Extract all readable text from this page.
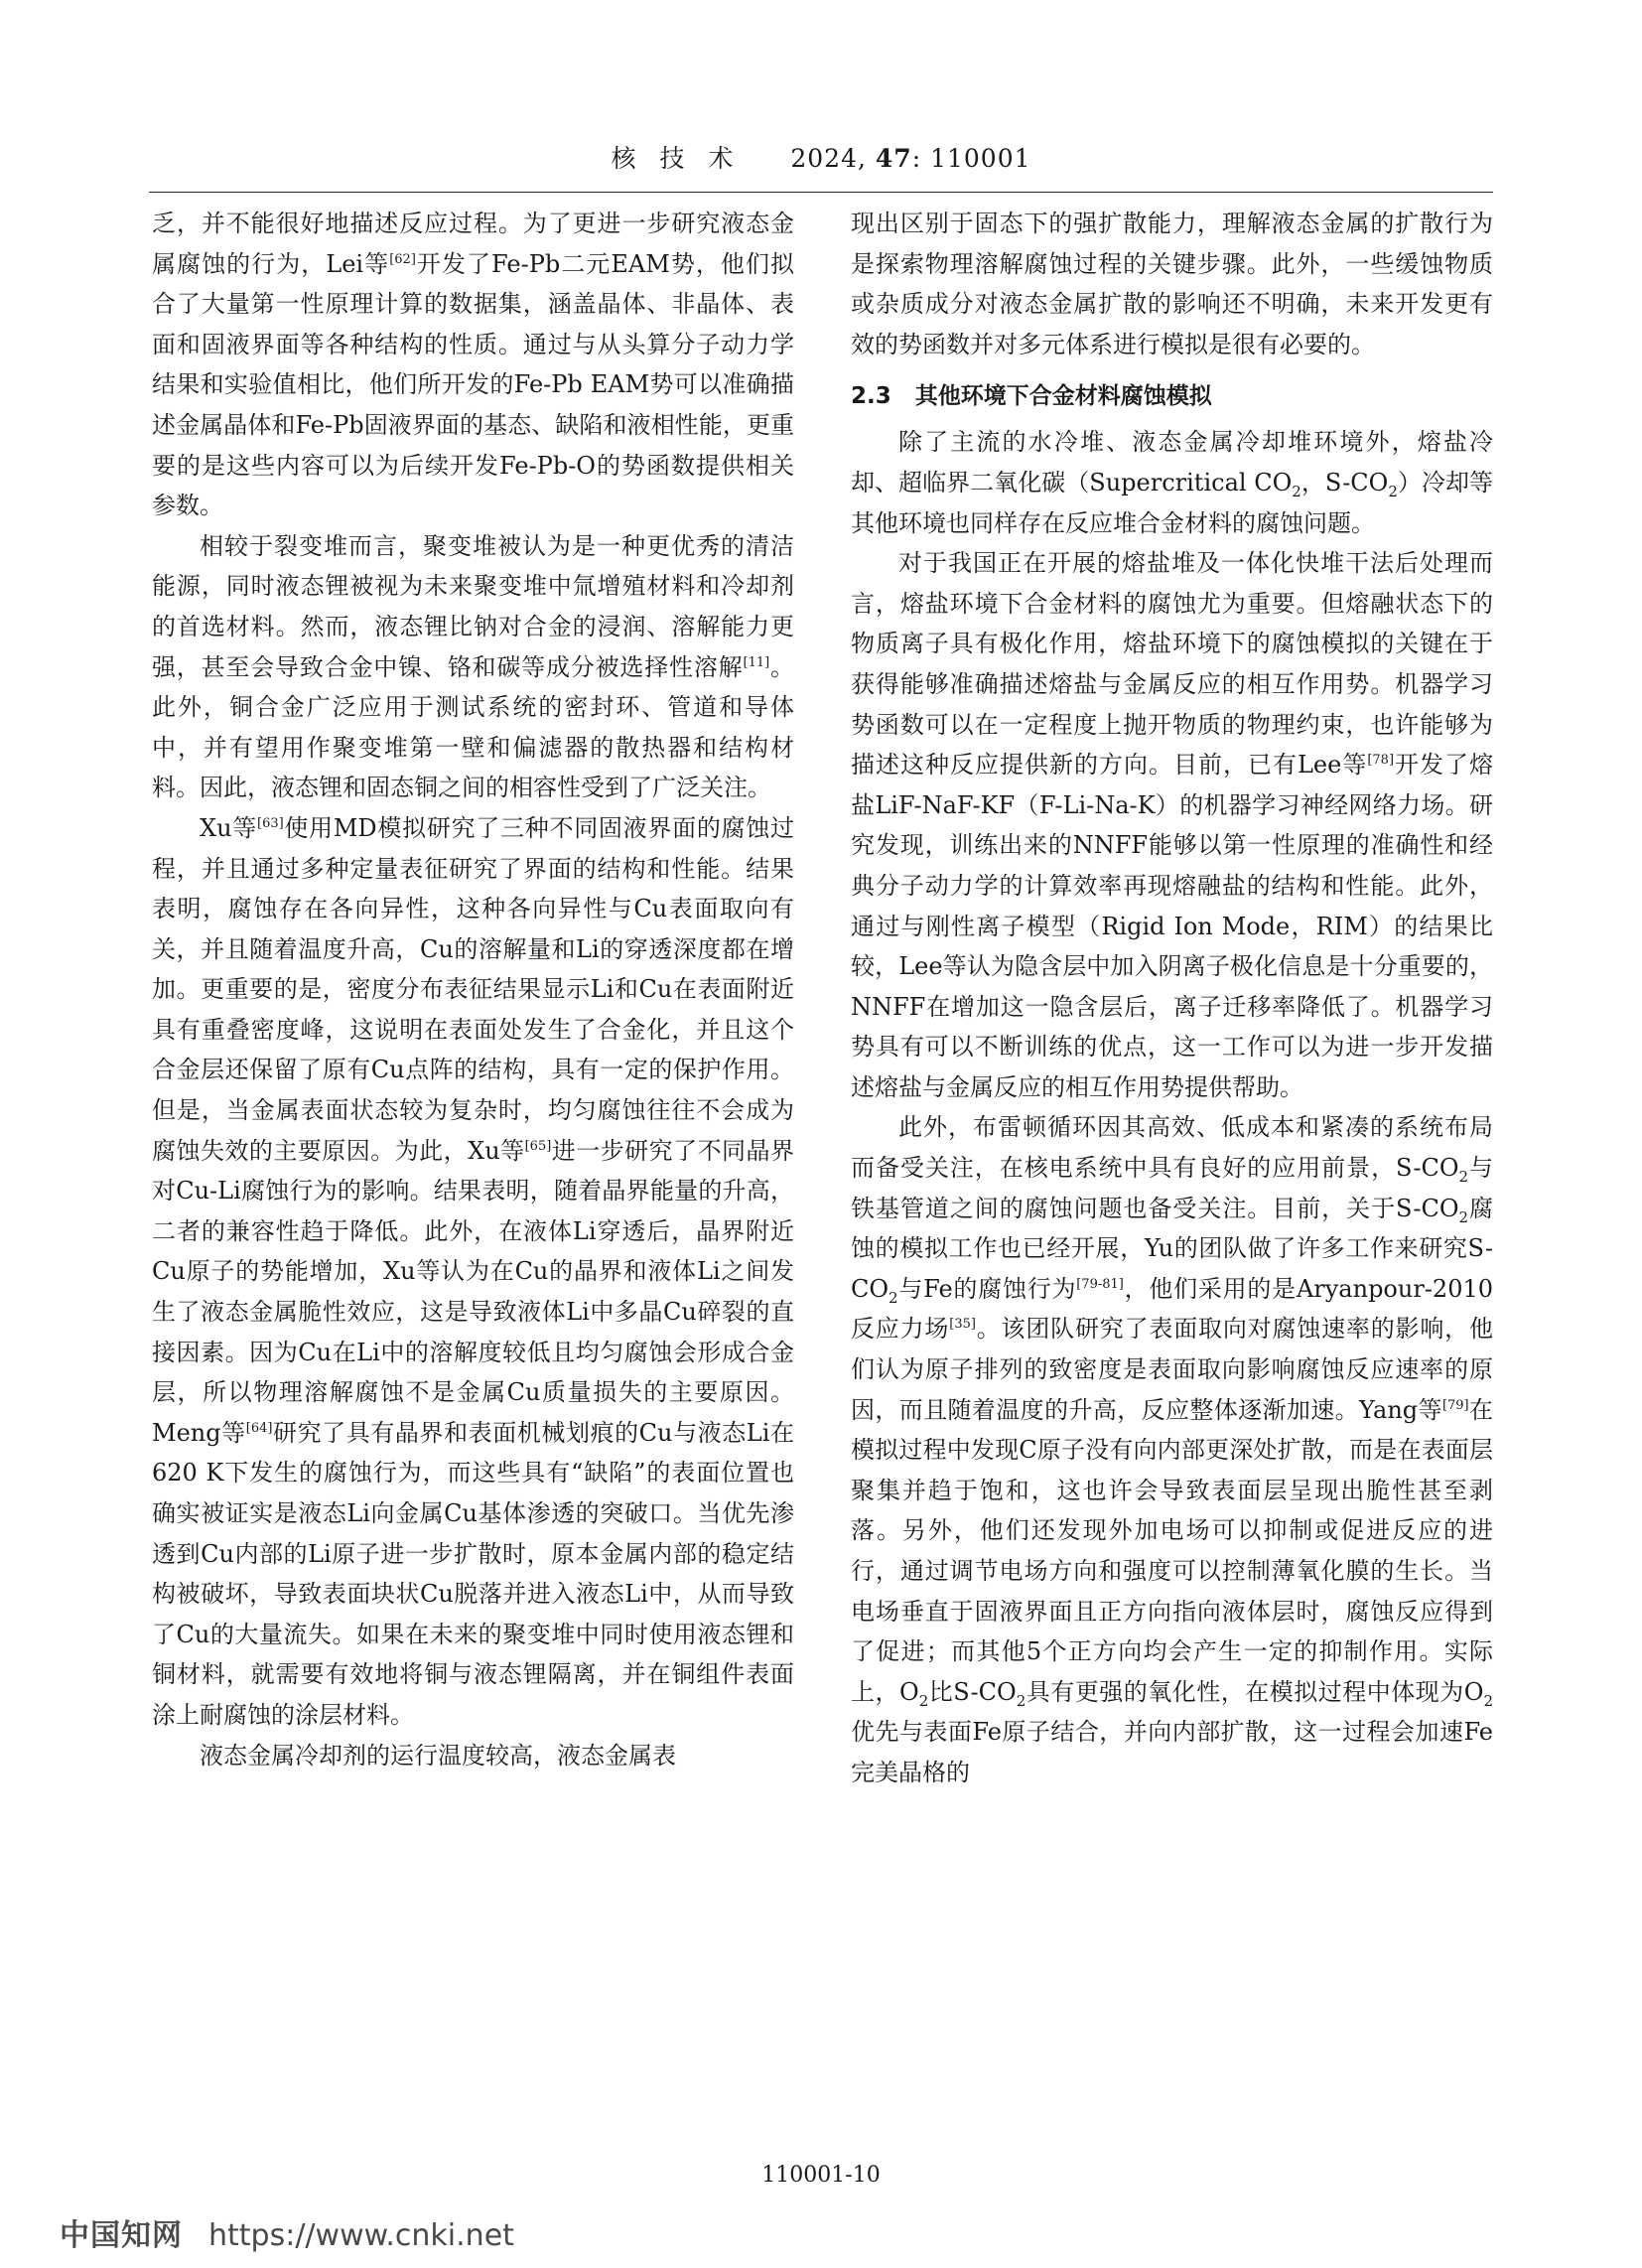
核 技 术 2024, 47: 110001

乏，并不能很好地描述反应过程。为了更进一步研究液态金属腐蚀的行为，Lei等[62]开发了Fe-Pb二元EAM势，他们拟合了大量第一性原理计算的数据集，涵盖晶体、非晶体、表面和固液界面等各种结构的性质。通过与从头算分子动力学结果和实验值相比，他们所开发的Fe-Pb EAM势可以准确描述金属晶体和Fe-Pb固液界面的基态、缺陷和液相性能，更重要的是这些内容可以为后续开发Fe-Pb-O的势函数提供相关参数。

相较于裂变堆而言，聚变堆被认为是一种更优秀的清洁能源，同时液态锂被视为未来聚变堆中氚增殖材料和冷却剂的首选材料。然而，液态锂比钠对合金的浸润、溶解能力更强，甚至会导致合金中镍、铬和碳等成分被选择性溶解[11]。此外，铜合金广泛应用于测试系统的密封环、管道和导体中，并有望用作聚变堆第一壁和偏滤器的散热器和结构材料。因此，液态锂和固态铜之间的相容性受到了广泛关注。

Xu等[63]使用MD模拟研究了三种不同固液界面的腐蚀过程，并且通过多种定量表征研究了界面的结构和性能。结果表明，腐蚀存在各向异性，这种各向异性与Cu表面取向有关，并且随着温度升高，Cu的溶解量和Li的穿透深度都在增加。更重要的是，密度分布表征结果显示Li和Cu在表面附近具有重叠密度峰，这说明在表面处发生了合金化，并且这个合金层还保留了原有Cu点阵的结构，具有一定的保护作用。但是，当金属表面状态较为复杂时，均匀腐蚀往往不会成为腐蚀失效的主要原因。为此，Xu等[65]进一步研究了不同晶界对Cu-Li腐蚀行为的影响。结果表明，随着晶界能量的升高，二者的兼容性趋于降低。此外，在液体Li穿透后，晶界附近Cu原子的势能增加，Xu等认为在Cu的晶界和液体Li之间发生了液态金属脆性效应，这是导致液体Li中多晶Cu碎裂的直接因素。因为Cu在Li中的溶解度较低且均匀腐蚀会形成合金层，所以物理溶解腐蚀不是金属Cu质量损失的主要原因。Meng等[64]研究了具有晶界和表面机械划痕的Cu与液态Li在620 K下发生的腐蚀行为，而这些具有“缺陷”的表面位置也确实被证实是液态Li向金属Cu基体渗透的突破口。当优先渗透到Cu内部的Li原子进一步扩散时，原本金属内部的稳定结构被破坏，导致表面块状Cu脱落并进入液态Li中，从而导致了Cu的大量流失。如果在未来的聚变堆中同时使用液态锂和铜材料，就需要有效地将铜与液态锂隔离，并在铜组件表面涂上耐腐蚀的涂层材料。

液态金属冷却剂的运行温度较高，液态金属表

现出区别于固态下的强扩散能力，理解液态金属的扩散行为是探索物理溶解腐蚀过程的关键步骤。此外，一些缓蚀物质或杂质成分对液态金属扩散的影响还不明确，未来开发更有效的势函数并对多元体系进行模拟是很有必要的。

2.3 其他环境下合金材料腐蚀模拟

除了主流的水冷堆、液态金属冷却堆环境外，熔盐冷却、超临界二氧化碳（Supercritical $CO_2$，$S-CO_2$）冷却等其他环境也同样存在反应堆合金材料的腐蚀问题。

对于我国正在开展的熔盐堆及一体化快堆干法后处理而言，熔盐环境下合金材料的腐蚀尤为重要。但熔融状态下的物质离子具有极化作用，熔盐环境下的腐蚀模拟的关键在于获得能够准确描述熔盐与金属反应的相互作用势。机器学习势函数可以在一定程度上抛开物质的物理约束，也许能够为描述这种反应提供新的方向。目前，已有Lee等[78]开发了熔盐LiF-NaF-KF（F-Li-Na-K）的机器学习神经网络力场。研究发现，训练出来的NNFF能够以第一性原理的准确性和经典分子动力学的计算效率再现熔融盐的结构和性能。此外，通过与刚性离子模型（Rigid Ion Mode，RIM）的结果比较，Lee等认为隐含层中加入阴离子极化信息是十分重要的，NNFF在增加这一隐含层后，离子迁移率降低了。机器学习势具有可以不断训练的优点，这一工作可以为进一步开发描述熔盐与金属反应的相互作用势提供帮助。

此外，布雷顿循环因其高效、低成本和紧凑的系统布局而备受关注，在核电系统中具有良好的应用前景，$S-CO_2$与铁基管道之间的腐蚀问题也备受关注。目前，关于$S-CO_2$腐蚀的模拟工作也已经开展，Yu的团队做了许多工作来研究$S-CO_2$与Fe的腐蚀行为[79-81]，他们采用的是Aryanpour-2010反应力场[35]。该团队研究了表面取向对腐蚀速率的影响，他们认为原子排列的致密度是表面取向影响腐蚀反应速率的原因，而且随着温度的升高，反应整体逐渐加速。Yang等[79]在模拟过程中发现C原子没有向内部更深处扩散，而是在表面层聚集并趋于饱和，这也许会导致表面层呈现出脆性甚至剥落。另外，他们还发现外加电场可以抑制或促进反应的进行，通过调节电场方向和强度可以控制薄氧化膜的生长。当电场垂直于固液界面且正方向指向液体层时，腐蚀反应得到了促进；而其他5个正方向均会产生一定的抑制作用。实际上，$O_2$比$S-CO_2$具有更强的氧化性，在模拟过程中体现为$O_2$优先与表面Fe原子结合，并向内部扩散，这一过程会加速Fe完美晶格的

110001-10
中国知网 https://www.cnki.net
